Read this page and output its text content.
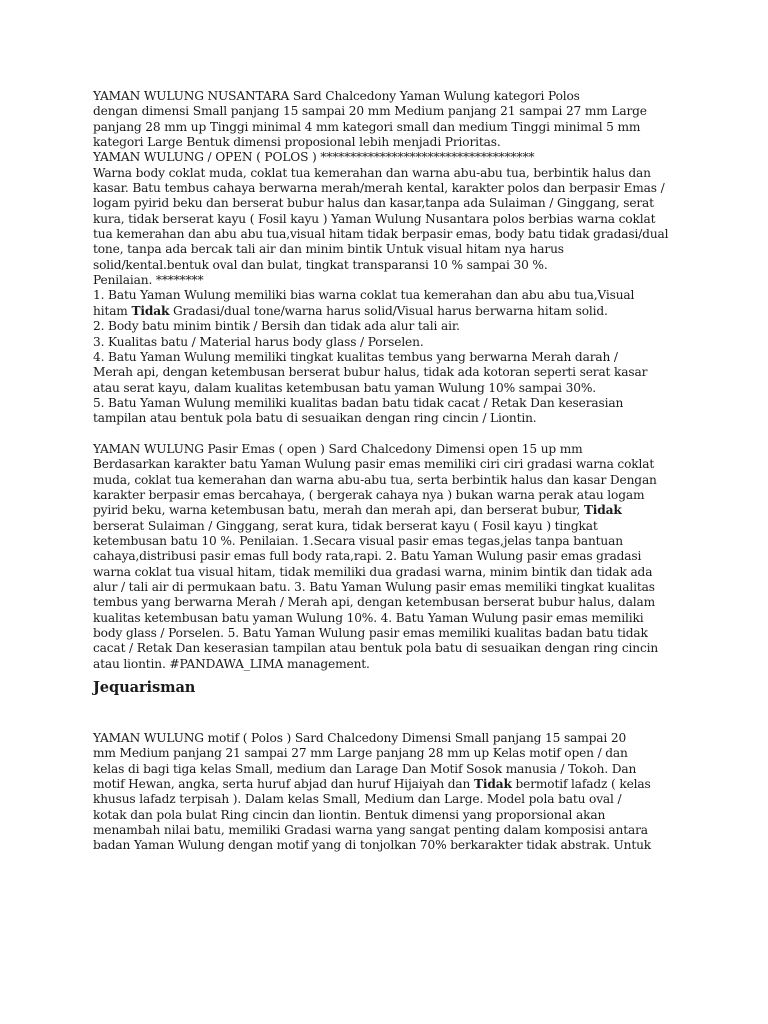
YAMAN WULUNG NUSANTARA Sard Chalcedony Yaman Wulung kategori Polos
dengan dimensi Small panjang 15 sampai 20 mm Medium panjang 21 sampai 27 mm Large
panjang 28 mm up Tinggi minimal 4 mm kategori small dan medium Tinggi minimal 5 mm
kategori Large Bentuk dimensi proposional lebih menjadi Prioritas.
YAMAN WULUNG / OPEN ( POLOS ) ************************************
Warna body coklat muda, coklat tua kemerahan dan warna abu-abu tua, berbintik halus dan
kasar. Batu tembus cahaya berwarna merah/merah kental, karakter polos dan berpasir Emas /
logam pyirid beku dan berserat bubur halus dan kasar,tanpa ada Sulaiman / Ginggang, serat
kura, tidak berserat kayu ( Fosil kayu ) Yaman Wulung Nusantara polos berbias warna coklat
tua kemerahan dan abu abu tua,visual hitam tidak berpasir emas, body batu tidak gradasi/dual
tone, tanpa ada bercak tali air dan minim bintik Untuk visual hitam nya harus
solid/kental.bentuk oval dan bulat, tingkat transparansi 10 % sampai 30 %.
Penilaian. ********
1. Batu Yaman Wulung memiliki bias warna coklat tua kemerahan dan abu abu tua,Visual
hitam Tidak Gradasi/dual tone/warna harus solid/Visual harus berwarna hitam solid.
2. Body batu minim bintik / Bersih dan tidak ada alur tali air.
3. Kualitas batu / Material harus body glass / Porselen.
4. Batu Yaman Wulung memiliki tingkat kualitas tembus yang berwarna Merah darah /
Merah api, dengan ketembusan berserat bubur halus, tidak ada kotoran seperti serat kasar
atau serat kayu, dalam kualitas ketembusan batu yaman Wulung 10% sampai 30%.
5. Batu Yaman Wulung memiliki kualitas badan batu tidak cacat / Retak Dan keserasian
tampilan atau bentuk pola batu di sesuaikan dengan ring cincin / Liontin.
YAMAN WULUNG Pasir Emas ( open ) Sard Chalcedony Dimensi open 15 up mm
Berdasarkan karakter batu Yaman Wulung pasir emas memiliki ciri ciri gradasi warna coklat
muda, coklat tua kemerahan dan warna abu-abu tua, serta berbintik halus dan kasar Dengan
karakter berpasir emas bercahaya, ( bergerak cahaya nya ) bukan warna perak atau logam
pyirid beku, warna ketembusan batu, merah dan merah api, dan berserat bubur, Tidak
berserat Sulaiman / Ginggang, serat kura, tidak berserat kayu ( Fosil kayu ) tingkat
ketembusan batu 10 %. Penilaian. 1.Secara visual pasir emas tegas,jelas tanpa bantuan
cahaya,distribusi pasir emas full body rata,rapi. 2. Batu Yaman Wulung pasir emas gradasi
warna coklat tua visual hitam, tidak memiliki dua gradasi warna, minim bintik dan tidak ada
alur / tali air di permukaan batu. 3. Batu Yaman Wulung pasir emas memiliki tingkat kualitas
tembus yang berwarna Merah / Merah api, dengan ketembusan berserat bubur halus, dalam
kualitas ketembusan batu yaman Wulung 10%. 4. Batu Yaman Wulung pasir emas memiliki
body glass / Porselen. 5. Batu Yaman Wulung pasir emas memiliki kualitas badan batu tidak
cacat / Retak Dan keserasian tampilan atau bentuk pola batu di sesuaikan dengan ring cincin
atau liontin. #PANDAWA_LIMA management.
Jequarisman
YAMAN WULUNG motif ( Polos ) Sard Chalcedony Dimensi Small panjang 15 sampai 20
mm Medium panjang 21 sampai 27 mm Large panjang 28 mm up Kelas motif open / dan
kelas di bagi tiga kelas Small, medium dan Larage Dan Motif Sosok manusia / Tokoh. Dan
motif Hewan, angka, serta huruf abjad dan huruf Hijaiyah dan Tidak bermotif lafadz ( kelas
khusus lafadz terpisah ). Dalam kelas Small, Medium dan Large. Model pola batu oval /
kotak dan pola bulat Ring cincin dan liontin. Bentuk dimensi yang proporsional akan
menambah nilai batu, memiliki Gradasi warna yang sangat penting dalam komposisi antara
badan Yaman Wulung dengan motif yang di tonjolkan 70% berkarakter tidak abstrak. Untuk
